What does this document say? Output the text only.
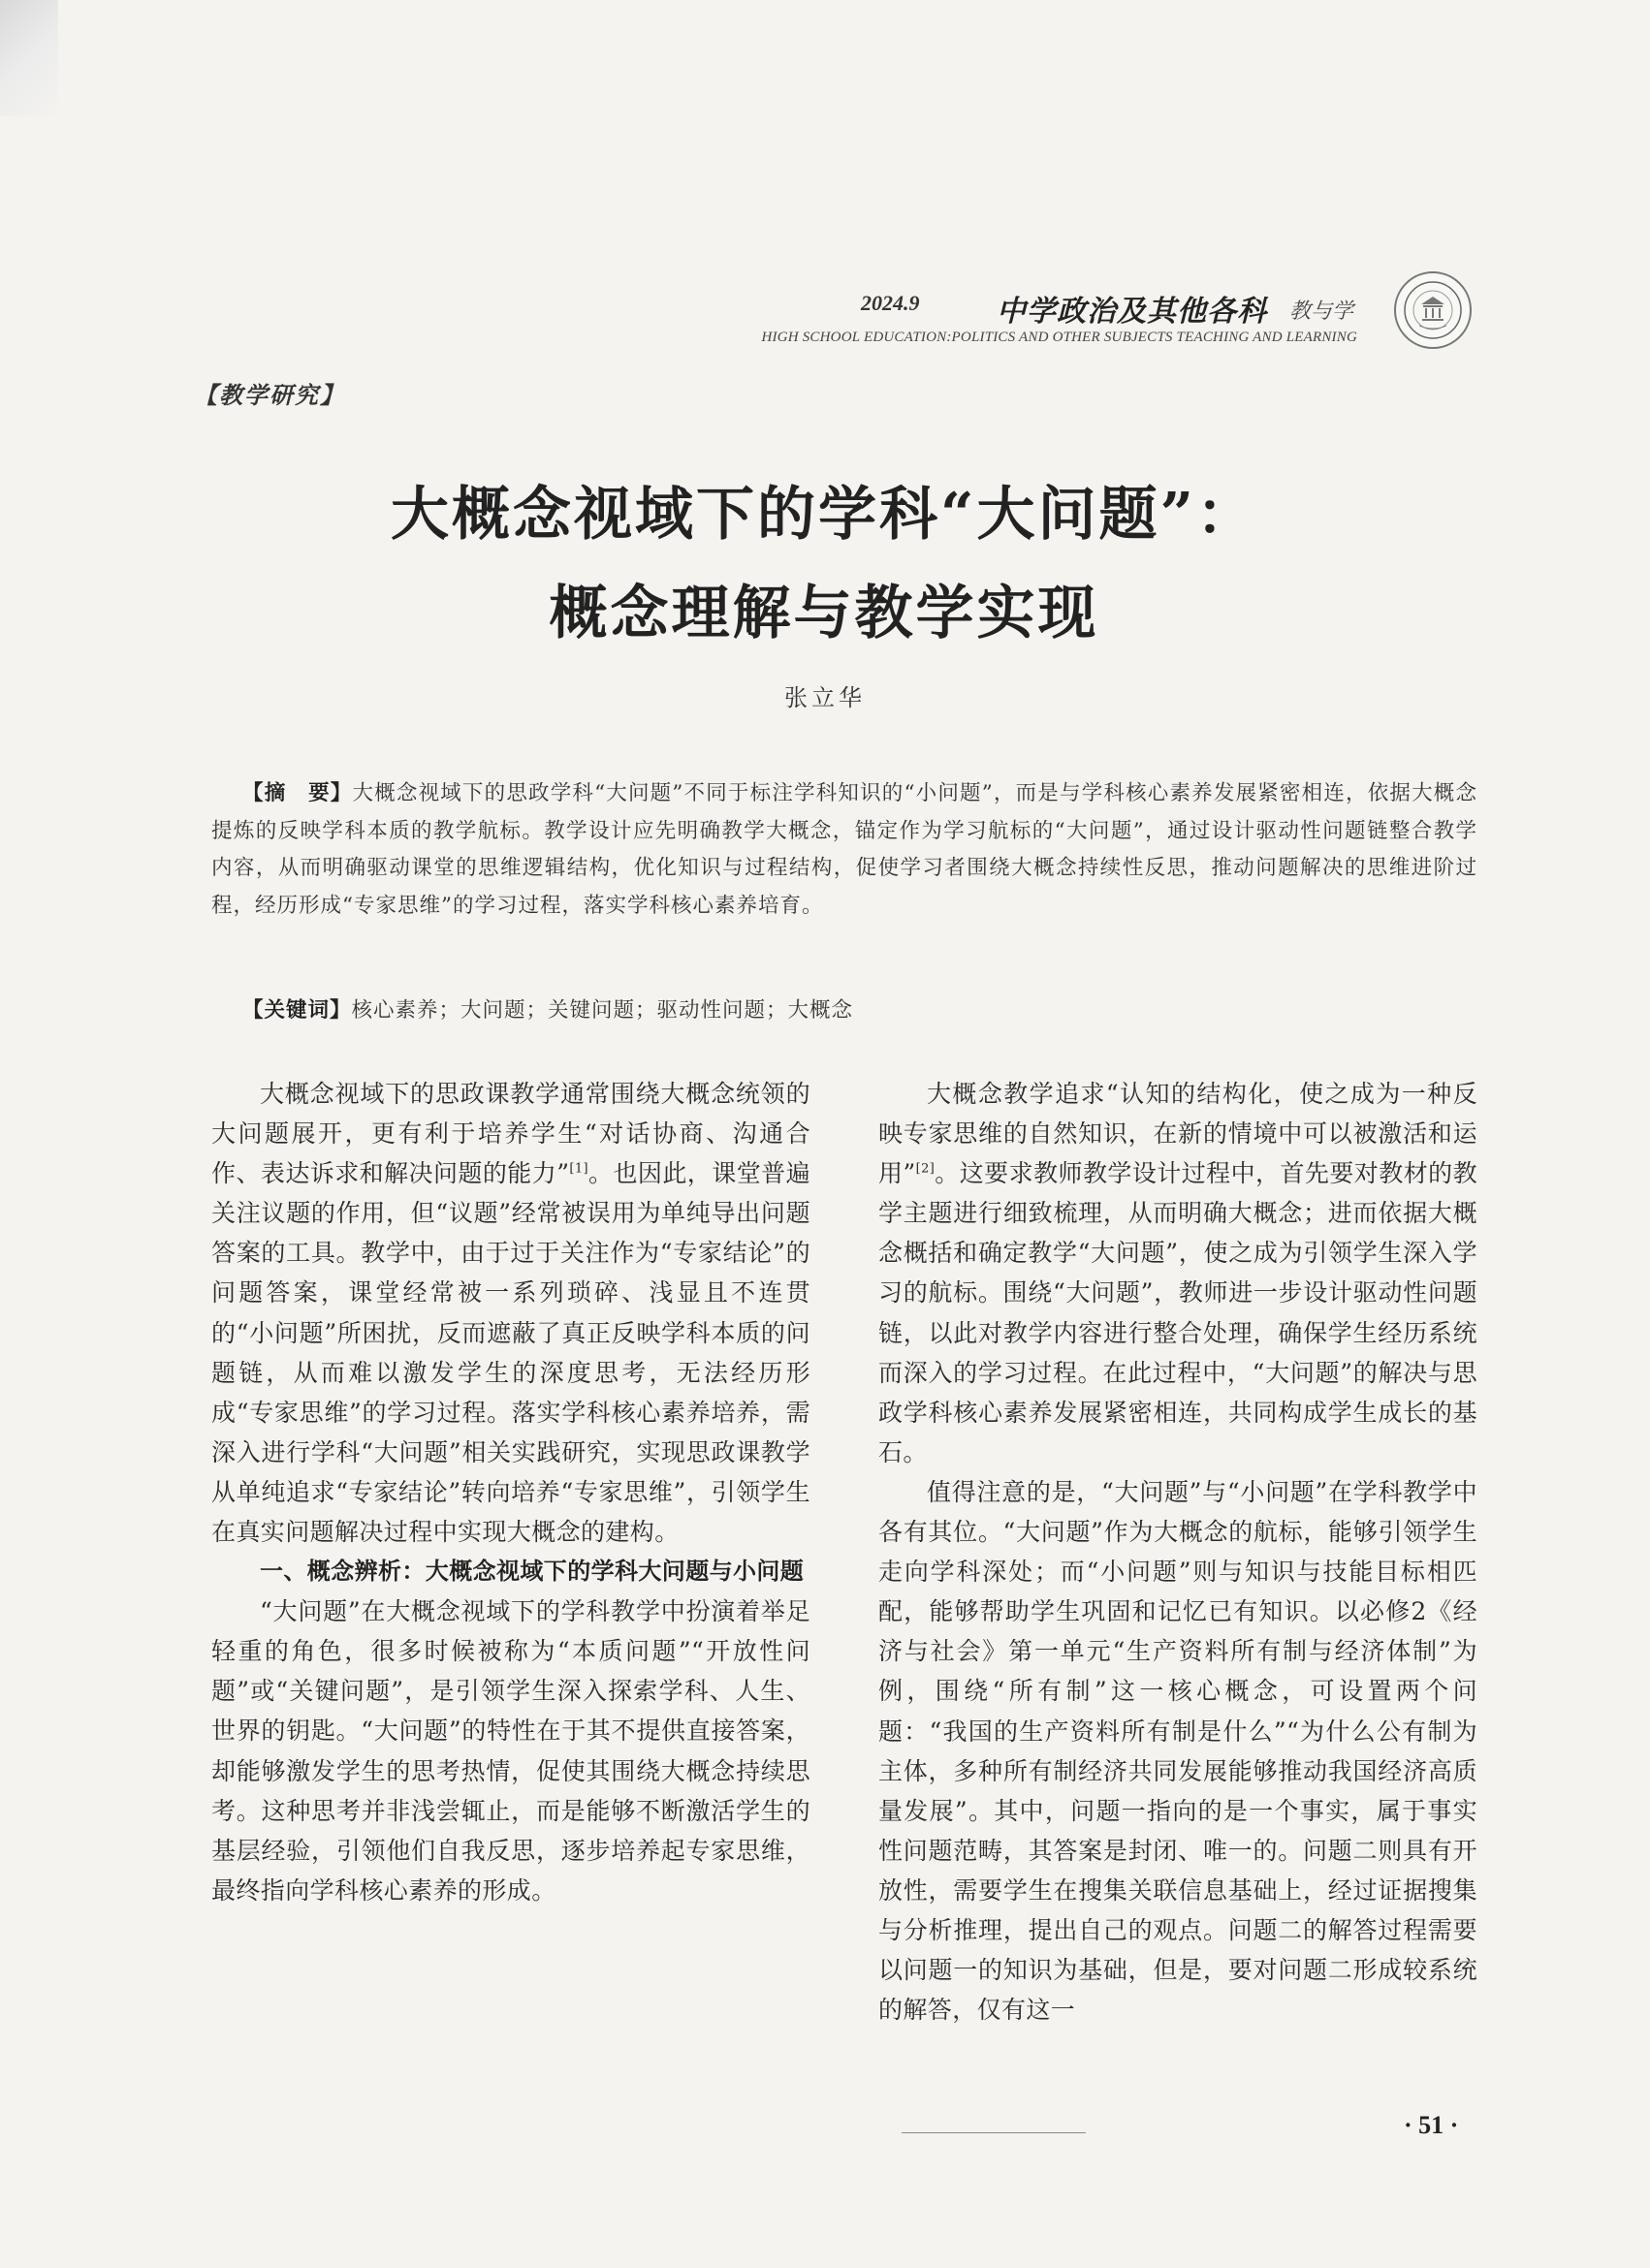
2024.9	中学政治及其他各科 教与学
HIGH SCHOOL EDUCATION:POLITICS AND OTHER SUBJECTS TEACHING AND LEARNING
【教学研究】
大概念视域下的学科“大问题”：
概念理解与教学实现
张立华
【摘　要】大概念视域下的思政学科“大问题”不同于标注学科知识的“小问题”，而是与学科核心素养发展紧密相连，依据大概念提炼的反映学科本质的教学航标。教学设计应先明确教学大概念，锚定作为学习航标的“大问题”，通过设计驱动性问题链整合教学内容，从而明确驱动课堂的思维逻辑结构，优化知识与过程结构，促使学习者围绕大概念持续性反思，推动问题解决的思维进阶过程，经历形成“专家思维”的学习过程，落实学科核心素养培育。
【关键词】核心素养；大问题；关键问题；驱动性问题；大概念

大概念视域下的思政课教学通常围绕大概念统领的大问题展开，更有利于培养学生“对话协商、沟通合作、表达诉求和解决问题的能力”[1]。也因此，课堂普遍关注议题的作用，但“议题”经常被误用为单纯导出问题答案的工具。教学中，由于过于关注作为“专家结论”的问题答案，课堂经常被一系列琐碎、浅显且不连贯的“小问题”所困扰，反而遮蔽了真正反映学科本质的问题链，从而难以激发学生的深度思考，无法经历形成“专家思维”的学习过程。落实学科核心素养培养，需深入进行学科“大问题”相关实践研究，实现思政课教学从单纯追求“专家结论”转向培养“专家思维”，引领学生在真实问题解决过程中实现大概念的建构。

一、概念辨析：大概念视域下的学科大问题与小问题

“大问题”在大概念视域下的学科教学中扮演着举足轻重的角色，很多时候被称为“本质问题”“开放性问题”或“关键问题”，是引领学生深入探索学科、人生、世界的钥匙。“大问题”的特性在于其不提供直接答案，却能够激发学生的思考热情，促使其围绕大概念持续思考。这种思考并非浅尝辄止，而是能够不断激活学生的基层经验，引领他们自我反思，逐步培养起专家思维，最终指向学科核心素养的形成。

大概念教学追求“认知的结构化，使之成为一种反映专家思维的自然知识，在新的情境中可以被激活和运用”[2]。这要求教师教学设计过程中，首先要对教材的教学主题进行细致梳理，从而明确大概念；进而依据大概念概括和确定教学“大问题”，使之成为引领学生深入学习的航标。围绕“大问题”，教师进一步设计驱动性问题链，以此对教学内容进行整合处理，确保学生经历系统而深入的学习过程。在此过程中，“大问题”的解决与思政学科核心素养发展紧密相连，共同构成学生成长的基石。

值得注意的是，“大问题”与“小问题”在学科教学中各有其位。“大问题”作为大概念的航标，能够引领学生走向学科深处；而“小问题”则与知识与技能目标相匹配，能够帮助学生巩固和记忆已有知识。以必修2《经济与社会》第一单元“生产资料所有制与经济体制”为例，围绕“所有制”这一核心概念，可设置两个问题：“我国的生产资料所有制是什么”“为什么公有制为主体，多种所有制经济共同发展能够推动我国经济高质量发展”。其中，问题一指向的是一个事实，属于事实性问题范畴，其答案是封闭、唯一的。问题二则具有开放性，需要学生在搜集关联信息基础上，经过证据搜集与分析推理，提出自己的观点。问题二的解答过程需要以问题一的知识为基础，但是，要对问题二形成较系统的解答，仅有这一

· 51 ·
